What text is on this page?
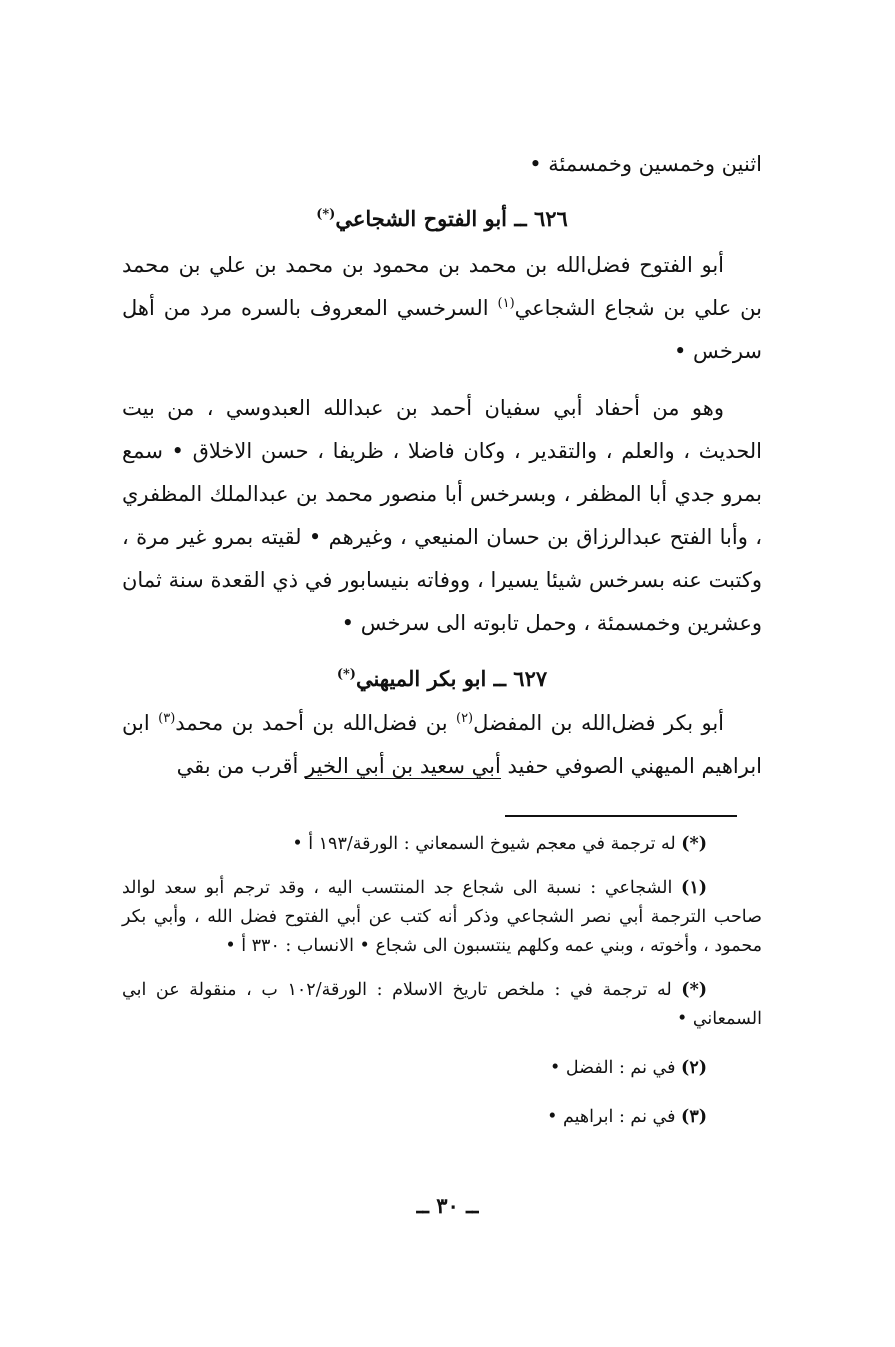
اثنين وخمسين وخمسمئة •

٦٢٦ ــ أبو الفتوح الشجاعي(*)

أبو الفتوح فضل‌الله بن محمد بن محمود بن محمد بن علي بن محمد بن علي بن شجاع الشجاعي$^{(١)}$ السرخسي المعروف بالسره مرد من أهل سرخس •

وهو من أحفاد أبي سفيان أحمد بن عبدالله العبدوسي ، من بيت الحديث ، والعلم ، والتقدير ، وكان فاضلا ، ظريفا ، حسن الاخلاق • سمع بمرو جدي أبا المظفر ، وبسرخس أبا منصور محمد بن عبدالملك المظفري ، وأبا الفتح عبدالرزاق بن حسان المنيعي ، وغيرهم • لقيته بمرو غير مرة ، وكتبت عنه بسرخس شيئا يسيرا ، ووفاته بنيسابور في ذي القعدة سنة ثمان وعشرين وخمسمئة ، وحمل تابوته الى سرخس •

٦٢٧ ــ ابو بكر الميهني(*)

أبو بكر فضل‌الله بن المفضل$^{(٢)}$ بن فضل‌الله بن أحمد بن محمد$^{(٣)}$ ابن ابراهيم الميهني الصوفي حفيد أبي سعيد بن أبي الخير أقرب من بقي

(*) له ترجمة في معجم شيوخ السمعاني : الورقة/١٩٣ أ •

(١) الشجاعي : نسبة الى شجاع جد المنتسب اليه ، وقد ترجم أبو سعد لوالد صاحب الترجمة أبي نصر الشجاعي وذكر أنه كتب عن أبي الفتوح فضل الله ، وأبي بكر محمود ، وأخوته ، وبني عمه وكلهم ينتسبون الى شجاع • الانساب : ٣٣٠ أ •

(*) له ترجمة في : ملخص تاريخ الاسلام : الورقة/١٠٢ ب ، منقولة عن ابي السمعاني •

(٢) في نم : الفضل •

(٣) في نم : ابراهيم •

ــ ٣٠ ــ
